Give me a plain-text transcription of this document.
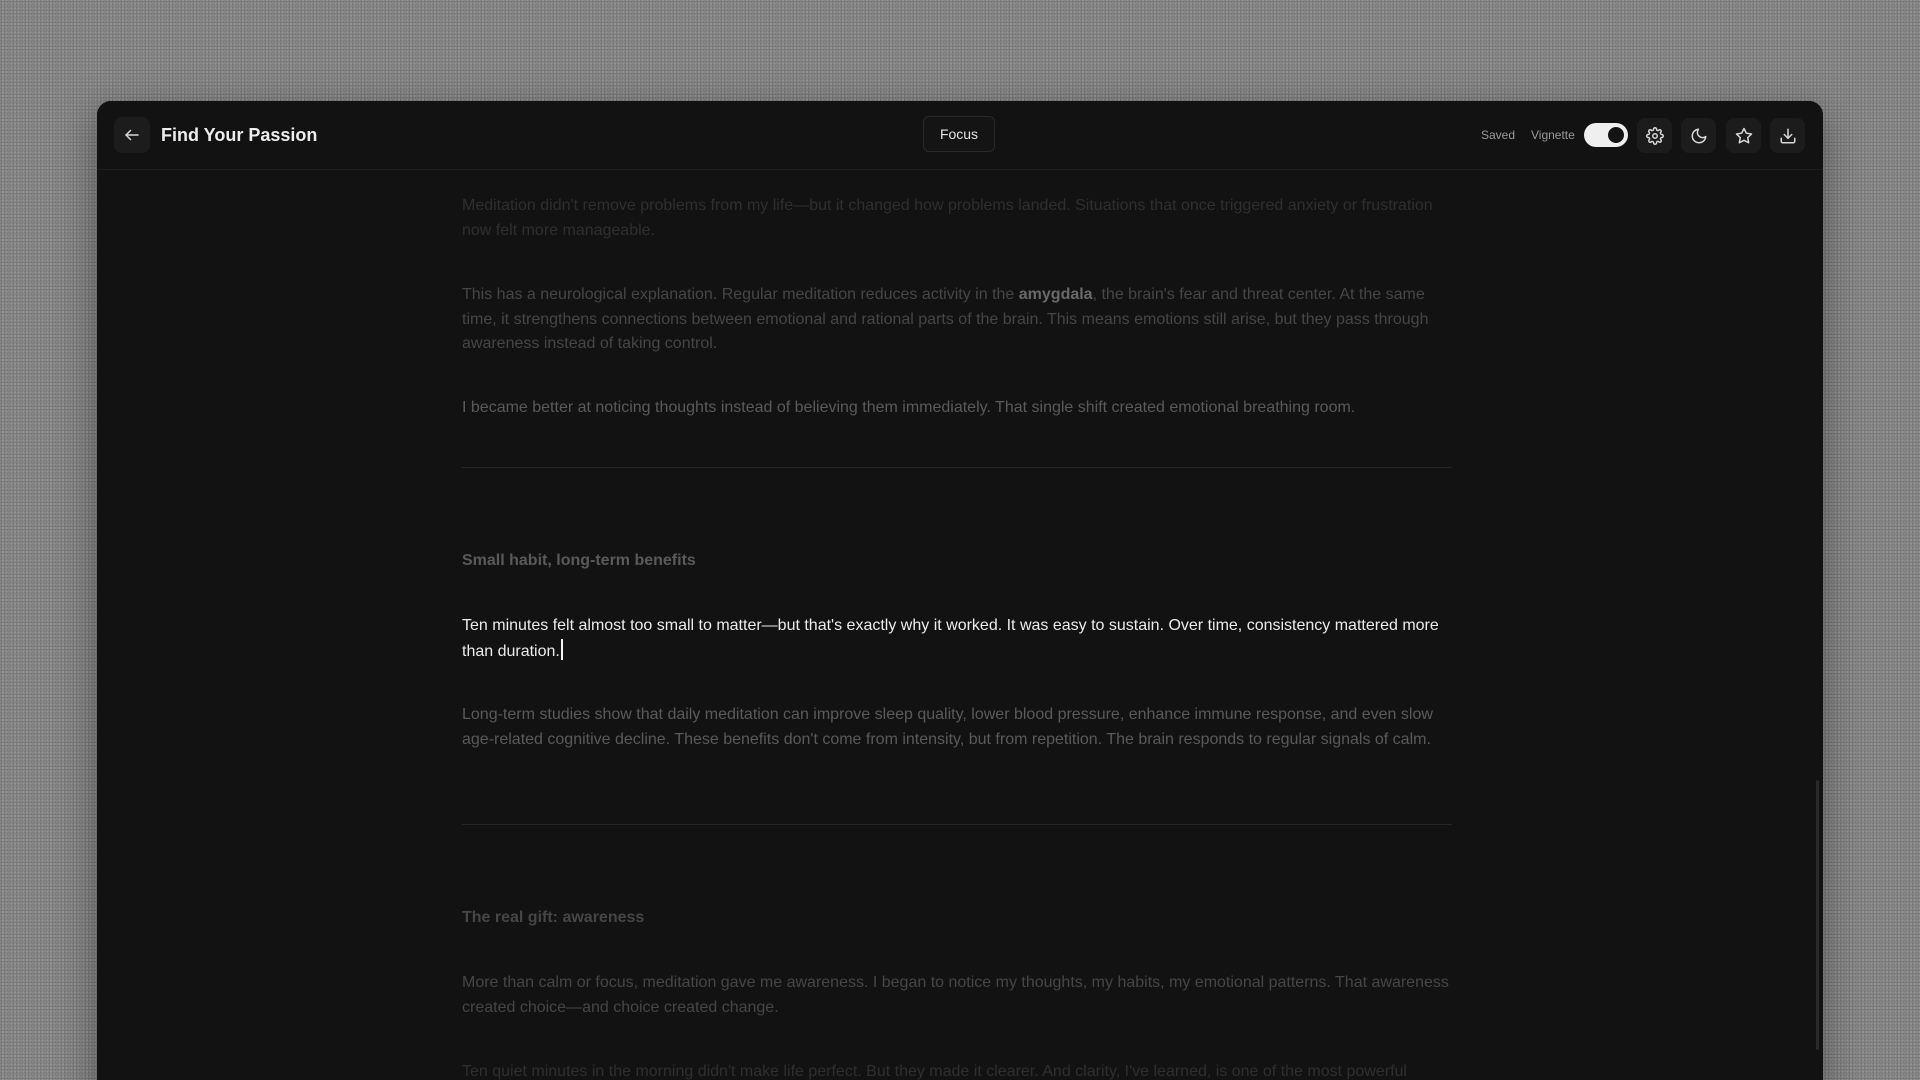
Find Your Passion	Focus	Saved Vignette

Meditation didn't remove problems from my life—but it changed how problems landed. Situations that once triggered anxiety or frustration now felt more manageable.

This has a neurological explanation. Regular meditation reduces activity in the amygdala, the brain's fear and threat center. At the same time, it strengthens connections between emotional and rational parts of the brain. This means emotions still arise, but they pass through awareness instead of taking control.

I became better at noticing thoughts instead of believing them immediately. That single shift created emotional breathing room.

Small habit, long-term benefits

Ten minutes felt almost too small to matter—but that's exactly why it worked. It was easy to sustain. Over time, consistency mattered more than duration.

Long-term studies show that daily meditation can improve sleep quality, lower blood pressure, enhance immune response, and even slow age-related cognitive decline. These benefits don't come from intensity, but from repetition. The brain responds to regular signals of calm.

The real gift: awareness

More than calm or focus, meditation gave me awareness. I began to notice my thoughts, my habits, my emotional patterns. That awareness created choice—and choice created change.

Ten quiet minutes in the morning didn't make life perfect. But they made it clearer. And clarity, I've learned, is one of the most powerful
